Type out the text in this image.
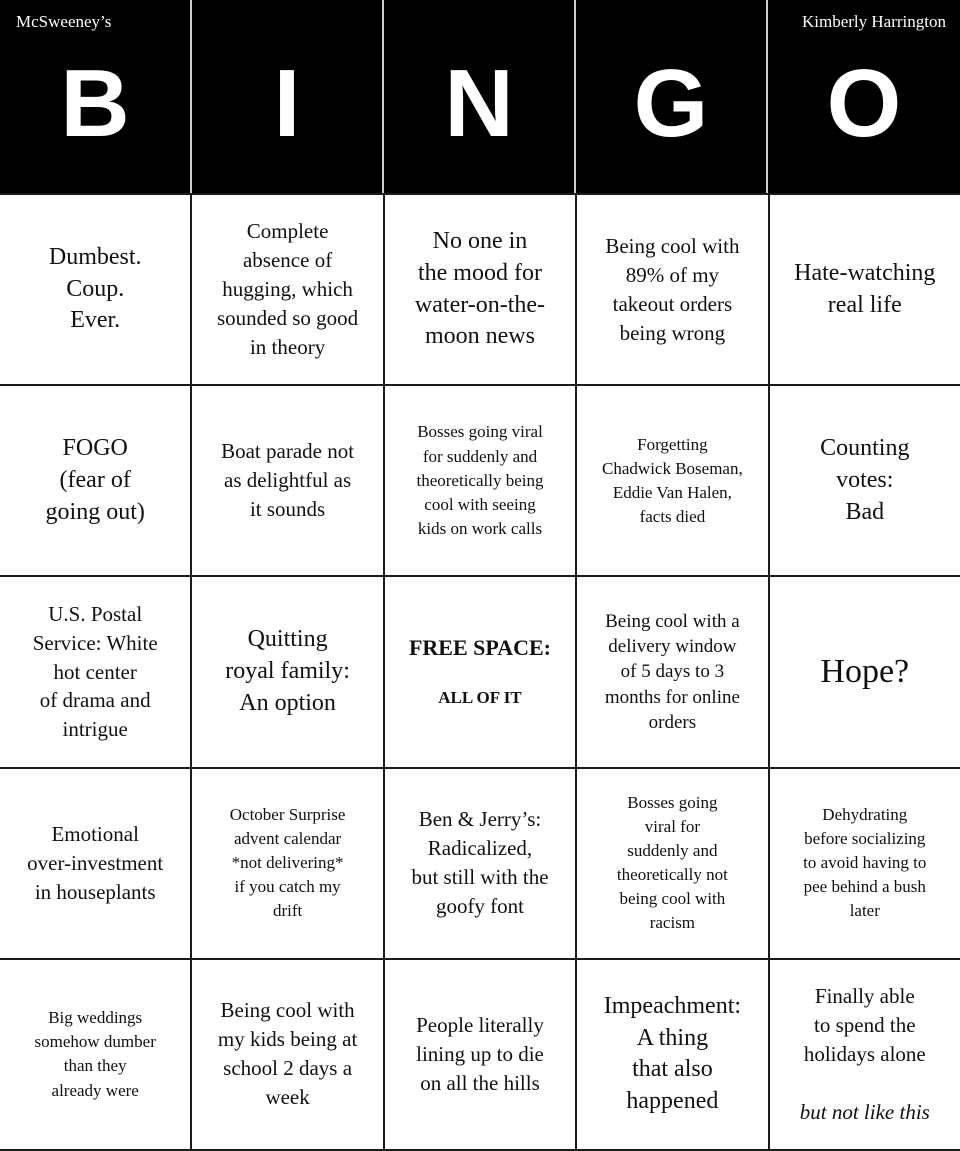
B I N G O
McSweeney’s	Kimberly Harrington
Dumbest.
Coup.
Ever.
Complete
absence of
hugging, which
sounded so good
in theory
No one in
the mood for
water-on-the-
moon news
Being cool with
89% of my
takeout orders
being wrong
Hate-watching
real life
FOGO
(fear of
going out)
Boat parade not
as delightful as
it sounds
Bosses going viral
for suddenly and
theoretically being
cool with seeing
kids on work calls
Forgetting
Chadwick Boseman,
Eddie Van Halen,
facts died
Counting
votes:
Bad
U.S. Postal
Service: White
hot center
of drama and
intrigue
Quitting
royal family:
An option

FREE SPACE:

ALL OF IT

Being cool with a
delivery window
of 5 days to 3
months for online
orders
Hope?
Emotional
over-investment
in houseplants
October Surprise
advent calendar
*not delivering*
if you catch my
drift
Ben & Jerry’s:
Radicalized,
but still with the
goofy font
Bosses going
viral for
suddenly and
theoretically not
being cool with
racism
Dehydrating
before socializing
to avoid having to
pee behind a bush
later
Big weddings
somehow dumber
than they
already were
Being cool with
my kids being at
school 2 days a
week
People literally
lining up to die
on all the hills
Impeachment:
A thing
that also
happened

Finally able
to spend the
holidays alone

but not like this
